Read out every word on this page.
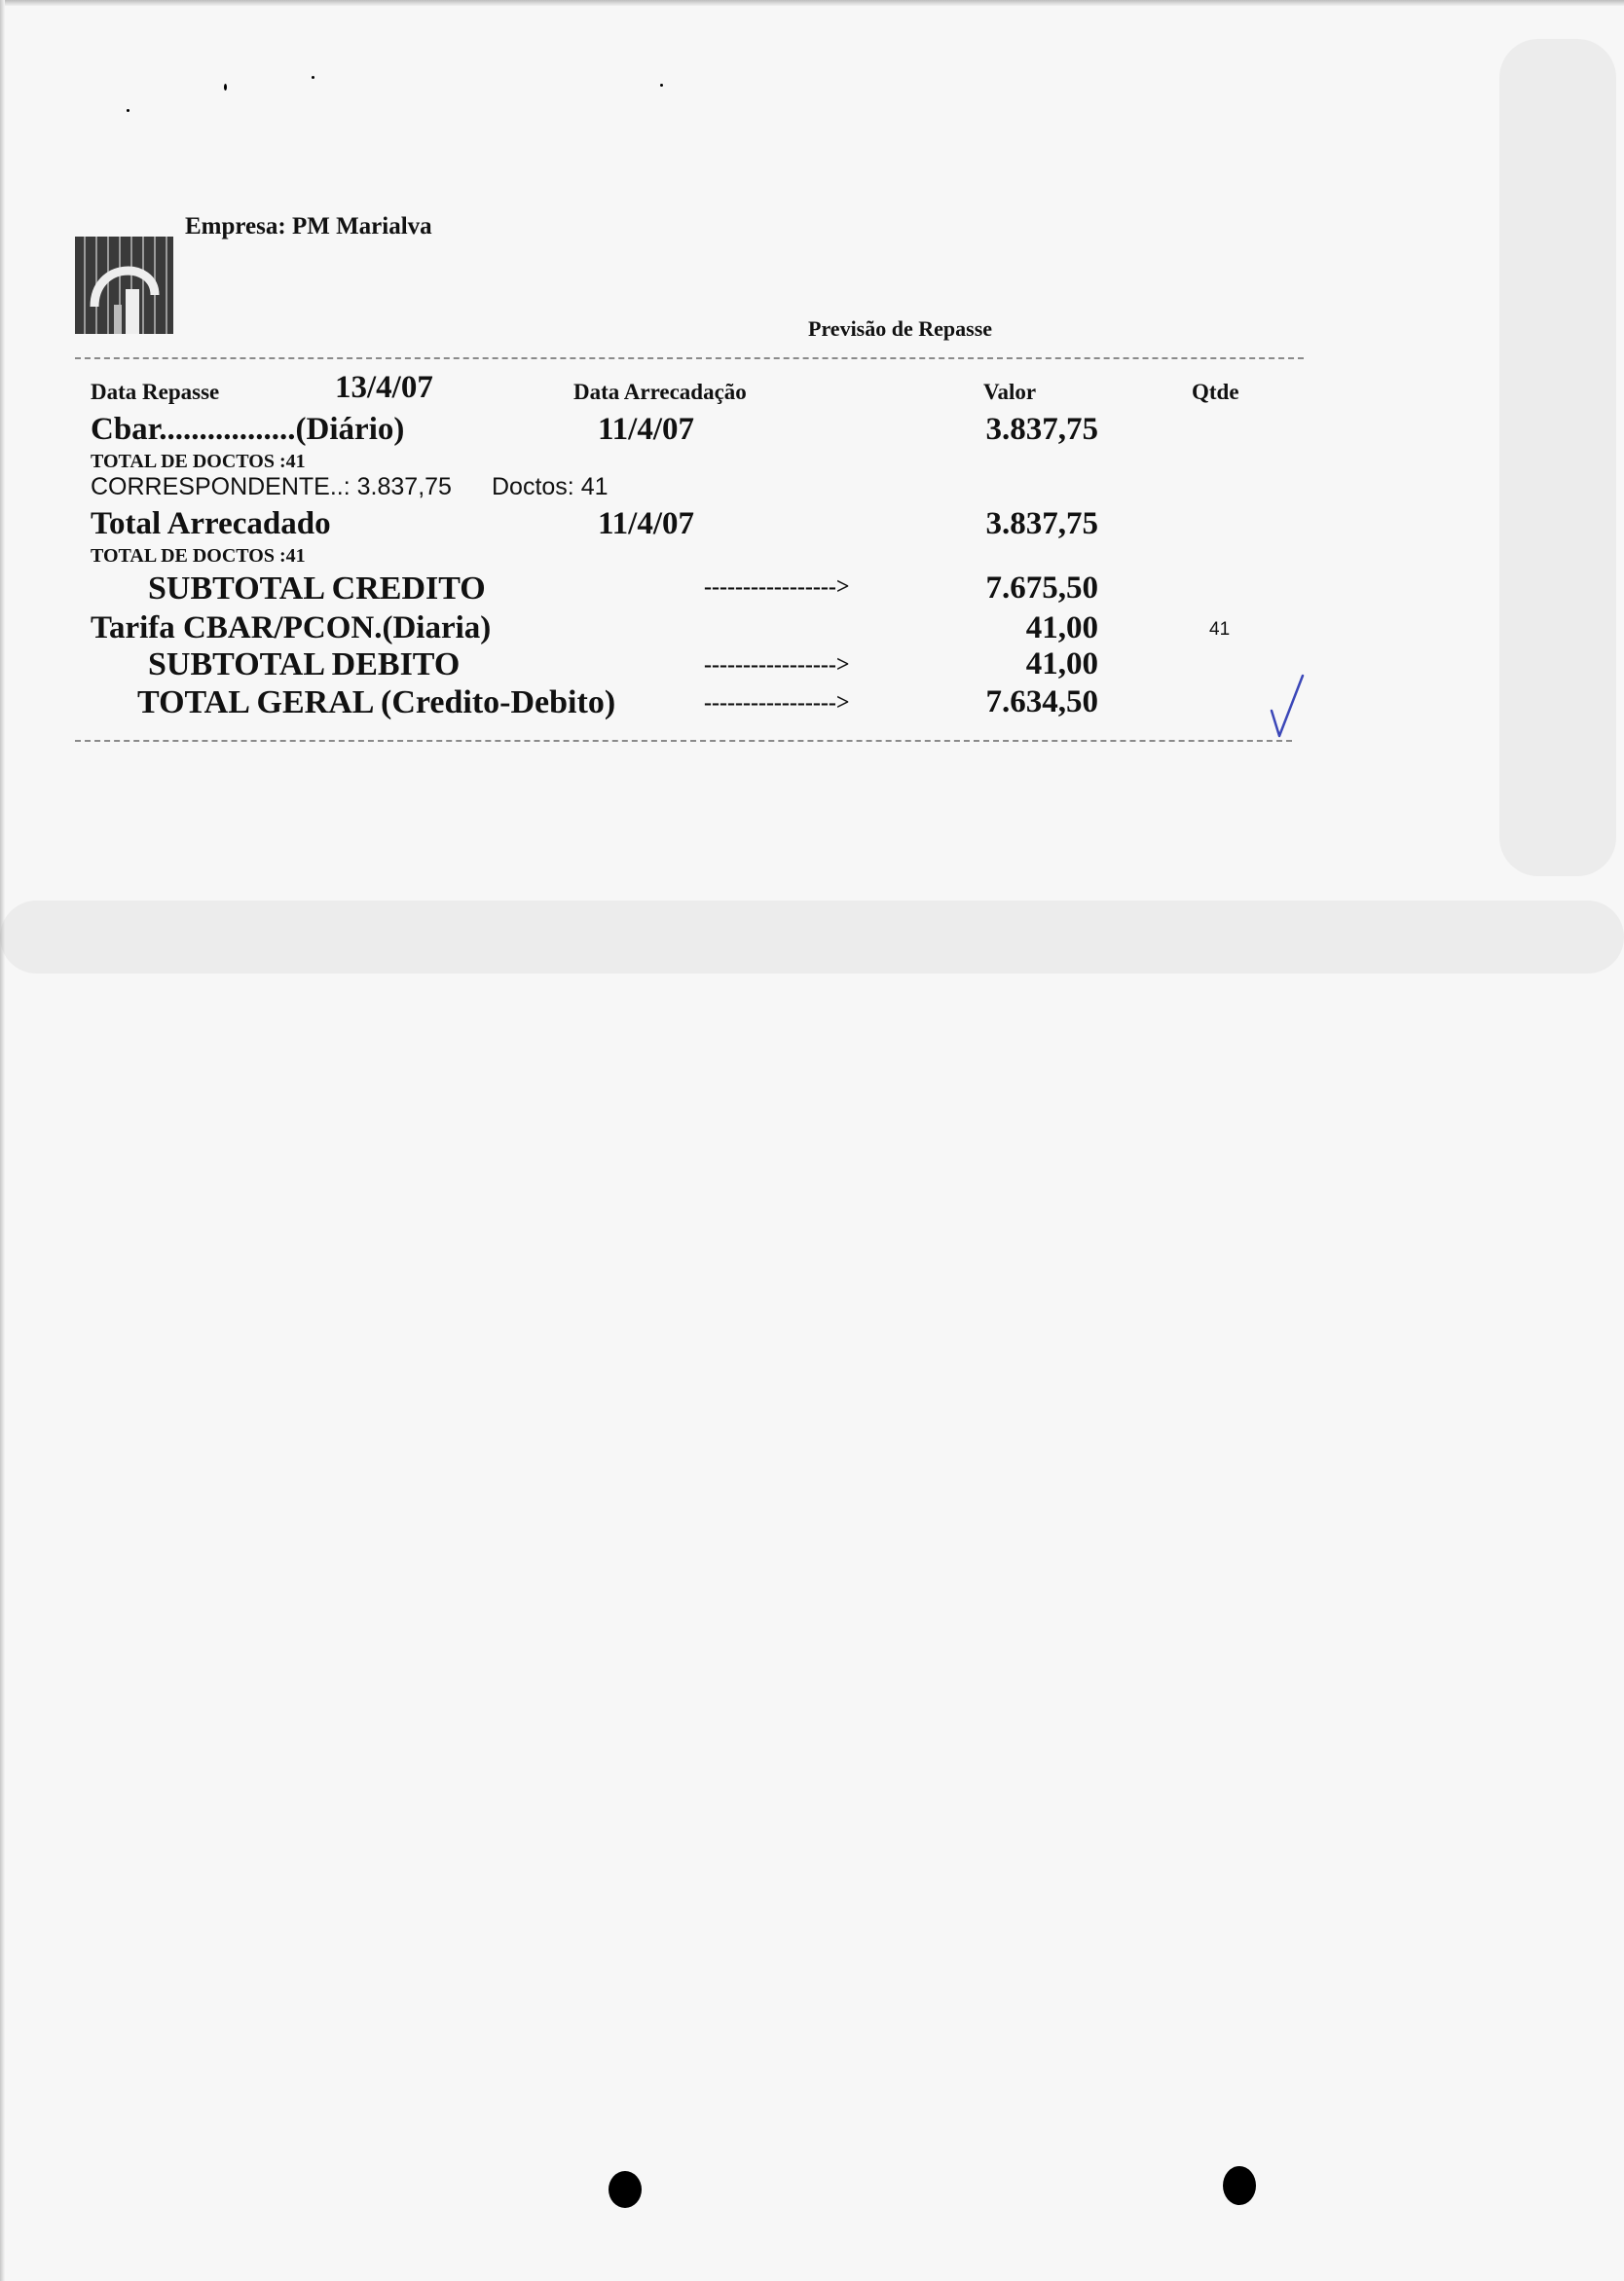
Empresa: PM Marialva
Previsão de Repasse
Data Repasse	13/4/07	Data Arrecadação	Valor	Qtde
Cbar.................(Diário)	11/4/07	3.837,75
TOTAL DE DOCTOS :41
CORRESPONDENTE..: 3.837,75 Doctos: 41
Total Arrecadado	11/4/07	3.837,75
TOTAL DE DOCTOS :41
SUBTOTAL CREDITO	----------------->	7.675,50
Tarifa CBAR/PCON.(Diaria)	41,00	41
SUBTOTAL DEBITO	----------------->	41,00
TOTAL GERAL (Credito-Debito)	----------------->	7.634,50
